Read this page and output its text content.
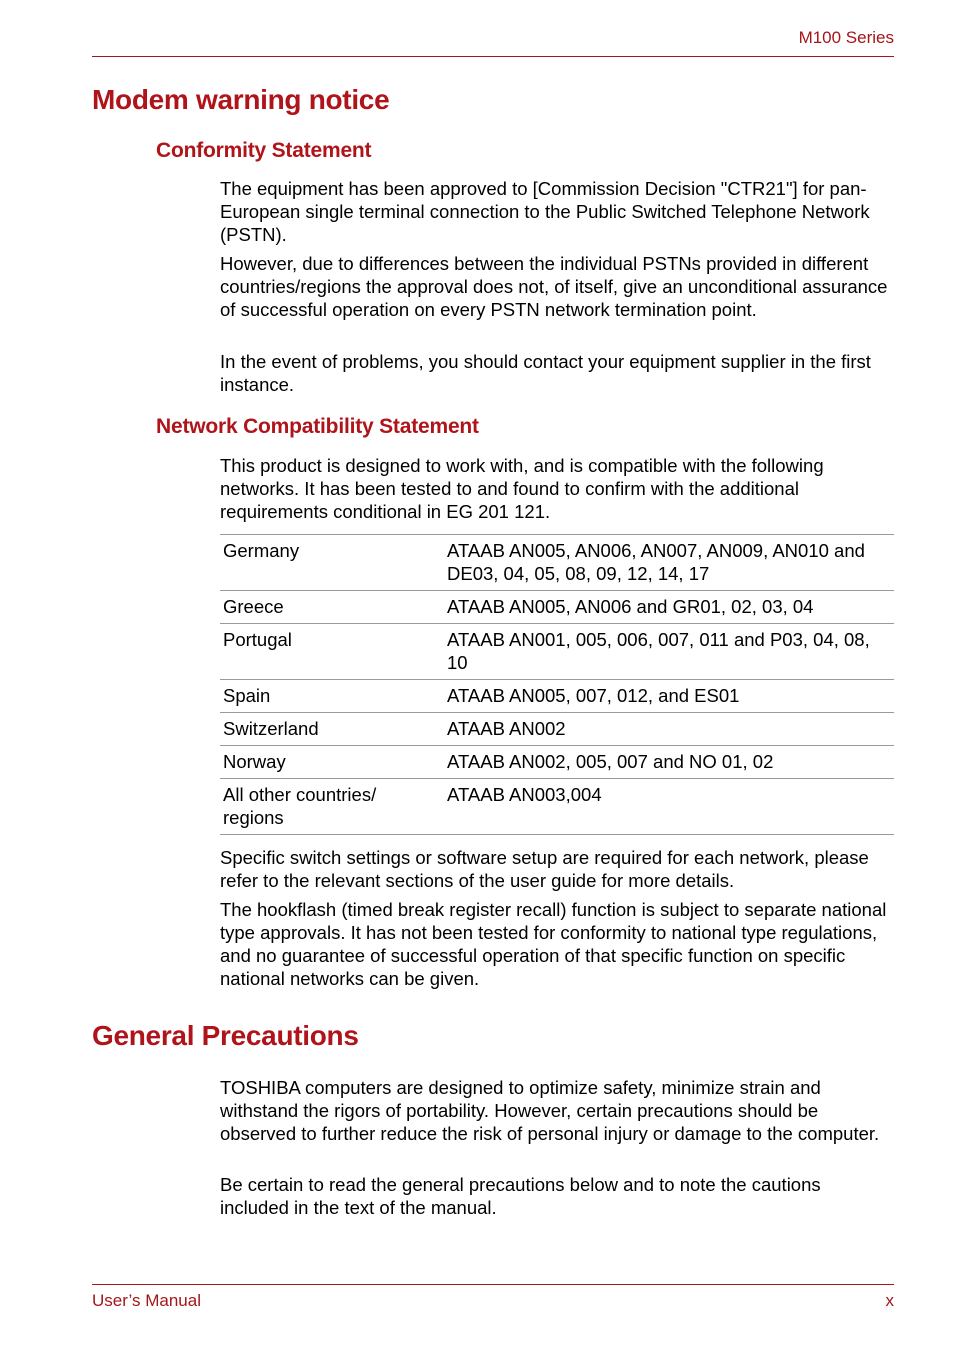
M100 Series
Modem warning notice
Conformity Statement

The equipment has been approved to [Commission Decision "CTR21"] for pan- European single terminal connection to the Public Switched Telephone Network (PSTN).

However, due to differences between the individual PSTNs provided in different countries/regions the approval does not, of itself, give an unconditional assurance of successful operation on every PSTN network termination point.

In the event of problems, you should contact your equipment supplier in the first instance.

Network Compatibility Statement

This product is designed to work with, and is compatible with the following networks. It has been tested to and found to confirm with the additional requirements conditional in EG 201 121.

Germany	ATAAB AN005, AN006, AN007, AN009, AN010 and DE03, 04, 05, 08, 09, 12, 14, 17
Greece	ATAAB AN005, AN006 and GR01, 02, 03, 04
Portugal	ATAAB AN001, 005, 006, 007, 011 and P03, 04, 08, 10
Spain	ATAAB AN005, 007, 012, and ES01
Switzerland	ATAAB AN002
Norway	ATAAB AN002, 005, 007 and NO 01, 02
All other countries/ regions	ATAAB AN003,004

Specific switch settings or software setup are required for each network, please refer to the relevant sections of the user guide for more details.

The hookflash (timed break register recall) function is subject to separate national type approvals. It has not been tested for conformity to national type regulations, and no guarantee of successful operation of that specific function on specific national networks can be given.

General Precautions

TOSHIBA computers are designed to optimize safety, minimize strain and withstand the rigors of portability. However, certain precautions should be observed to further reduce the risk of personal injury or damage to the computer.

Be certain to read the general precautions below and to note the cautions included in the text of the manual.

User’s Manual	x
